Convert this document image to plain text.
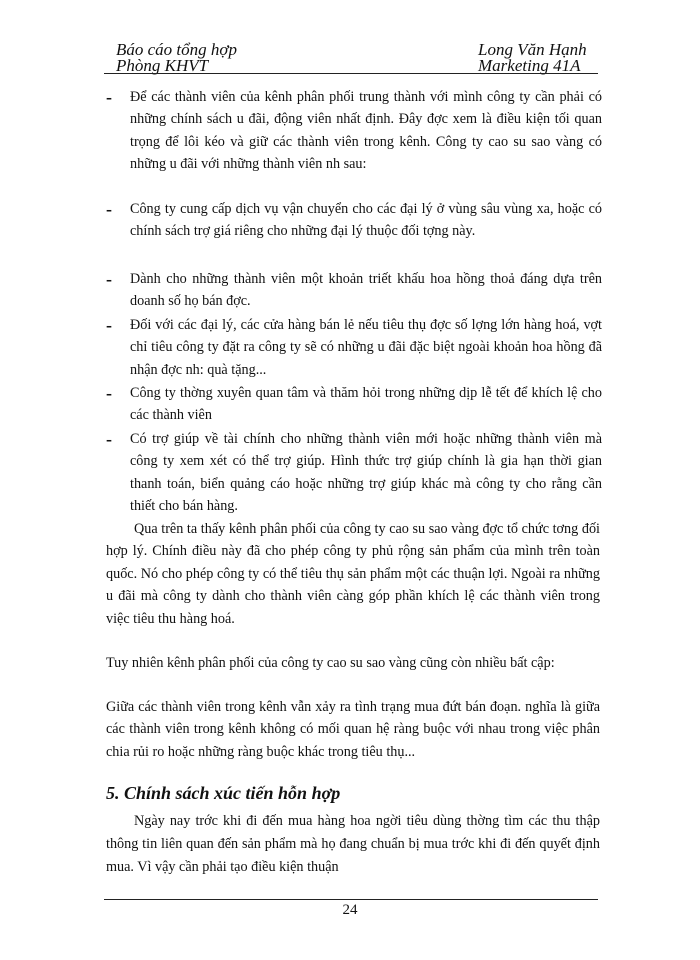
Báo cáo tổng hợp
Phòng KHVT
Long Văn Hạnh
Marketing 41A
- Để các thành viên của kênh phân phối trung thành với mình công ty cần phải có những chính sách u đãi, động viên nhất định. Đây đợc xem là điều kiện tối quan trọng để lôi kéo và giữ các thành viên trong kênh. Công ty cao su sao vàng có những u đãi với những thành viên nh sau:
- Công ty cung cấp dịch vụ vận chuyển cho các đại lý ở vùng sâu vùng xa, hoặc có chính sách trợ giá riêng cho những đại lý thuộc đối tợng này.
- Dành cho những thành viên một khoản triết khấu hoa hồng thoả đáng dựa trên doanh số họ bán đợc.
- Đối với các đại lý, các cửa hàng bán lẻ nếu tiêu thụ đợc số lợng lớn hàng hoá, vợt chỉ tiêu công ty đặt ra công ty sẽ có những u đãi đặc biệt ngoài khoản hoa hồng đã nhận đợc nh: quà tặng...
- Công ty thờng xuyên quan tâm và thăm hỏi trong những dịp lễ tết để khích lệ cho các thành viên
- Có trợ giúp về tài chính cho những thành viên mới hoặc những thành viên mà công ty xem xét có thể trợ giúp. Hình thức trợ giúp chính là gia hạn thời gian thanh toán, biển quảng cáo hoặc những trợ giúp khác mà công ty cho rằng cần thiết cho bán hàng.
Qua trên ta thấy kênh phân phối của công ty cao su sao vàng đợc tổ chức tơng đối hợp lý. Chính điều này đã cho phép công ty phủ rộng sản phẩm của mình trên toàn quốc. Nó cho phép công ty có thể tiêu thụ sản phẩm một các thuận lợi. Ngoài ra những u đãi mà công ty dành cho thành viên càng góp phần khích lệ các thành viên trong việc tiêu thu hàng hoá.
Tuy nhiên kênh phân phối của công ty cao su sao vàng cũng còn nhiều bất cập:
Giữa các thành viên trong kênh vẫn xảy ra tình trạng mua đứt bán đoạn. nghĩa là giữa các thành viên trong kênh không có mối quan hệ ràng buộc với nhau trong việc phân chia rủi ro hoặc những ràng buộc khác trong tiêu thụ...
5. Chính sách xúc tiến hỗn hợp
Ngày nay trớc khi đi đến mua hàng hoa ngời tiêu dùng thờng tìm các thu thập thông tin liên quan đến sản phẩm mà họ đang chuẩn bị mua trớc khi đi đến quyết định mua. Vì vậy cần phải tạo điều kiện thuận
24
